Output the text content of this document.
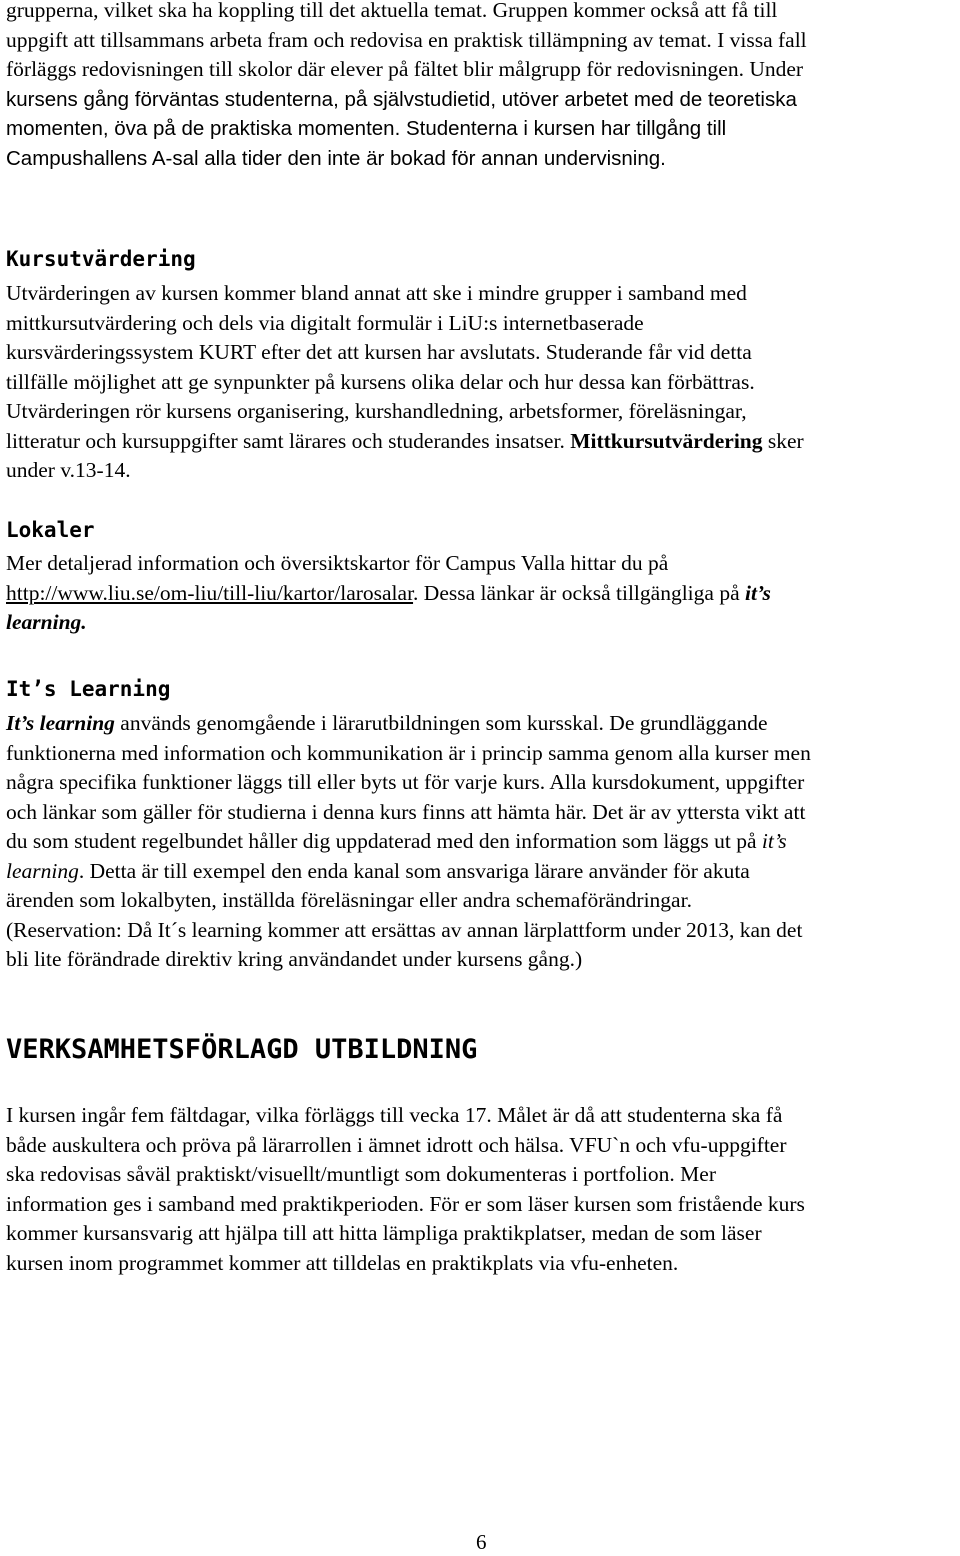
grupperna, vilket ska ha koppling till det aktuella temat. Gruppen kommer också att få till
uppgift att tillsammans arbeta fram och redovisa en praktisk tillämpning av temat. I vissa fall
förläggs redovisningen till skolor där elever på fältet blir målgrupp för redovisningen. Under
kursens gång förväntas studenterna, på självstudietid, utöver arbetet med de teoretiska
momenten, öva på de praktiska momenten. Studenterna i kursen har tillgång till
Campushallens A-sal alla tider den inte är bokad för annan undervisning.

Kursutvärdering

Utvärderingen av kursen kommer bland annat att ske i mindre grupper i samband med
mittkursutvärdering och dels via digitalt formulär i LiU:s internetbaserade
kursvärderingssystem KURT efter det att kursen har avslutats. Studerande får vid detta
tillfälle möjlighet att ge synpunkter på kursens olika delar och hur dessa kan förbättras.
Utvärderingen rör kursens organisering, kurshandledning, arbetsformer, föreläsningar,
litteratur och kursuppgifter samt lärares och studerandes insatser. Mittkursutvärdering sker
under v.13-14.

Lokaler

Mer detaljerad information och översiktskartor för Campus Valla hittar du på
http://www.liu.se/om-liu/till-liu/kartor/larosalar. Dessa länkar är också tillgängliga på it’s
learning.

It’s Learning

It’s learning används genomgående i lärarutbildningen som kursskal. De grundläggande
funktionerna med information och kommunikation är i princip samma genom alla kurser men
några specifika funktioner läggs till eller byts ut för varje kurs. Alla kursdokument, uppgifter
och länkar som gäller för studierna i denna kurs finns att hämta här. Det är av yttersta vikt att
du som student regelbundet håller dig uppdaterad med den information som läggs ut på it’s
learning. Detta är till exempel den enda kanal som ansvariga lärare använder för akuta
ärenden som lokalbyten, inställda föreläsningar eller andra schemaförändringar.
(Reservation: Då It´s learning kommer att ersättas av annan lärplattform under 2013, kan det
bli lite förändrade direktiv kring användandet under kursens gång.)

VERKSAMHETSFÖRLAGD UTBILDNING

I kursen ingår fem fältdagar, vilka förläggs till vecka 17. Målet är då att studenterna ska få
både auskultera och pröva på lärarrollen i ämnet idrott och hälsa. VFU`n och vfu-uppgifter
ska redovisas såväl praktiskt/visuellt/muntligt som dokumenteras i portfolion. Mer
information ges i samband med praktikperioden. För er som läser kursen som fristående kurs
kommer kursansvarig att hjälpa till att hitta lämpliga praktikplatser, medan de som läser
kursen inom programmet kommer att tilldelas en praktikplats via vfu-enheten.

6
